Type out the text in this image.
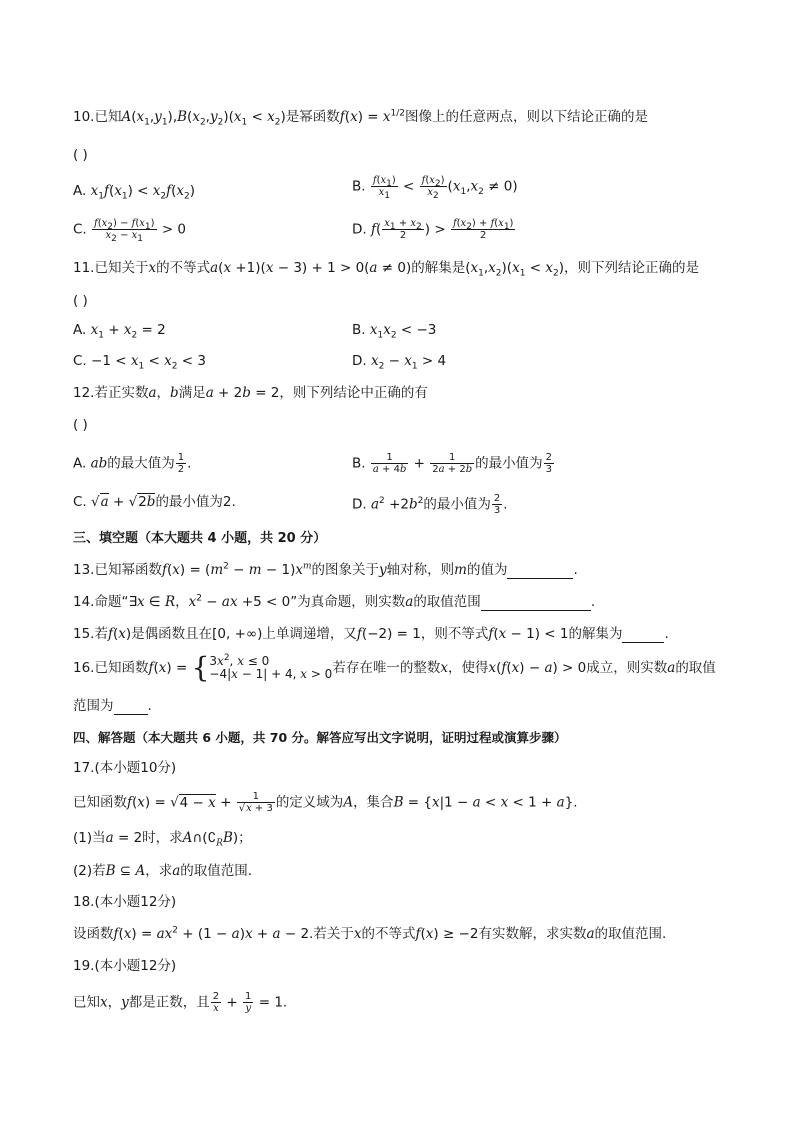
10.已知$A(x_1,y_1),B(x_2,y_2)(x_1 < x_2)$是幂函数$f(x) = x^{1/2}$图像上的任意两点，则以下结论正确的是
( )
A. $x_1f(x_1) < x_2f(x_2)$	B. $\frac{f(x_1)}{x_1} < \frac{f(x_2)}{x_2} (x_1,x_2 \ne 0)$
C. $\frac{f(x_2) - f(x_1)}{x_2 - x_1} > 0$	D. $f( \frac{x_1 + x_2}{2}$ ) > $\frac{f(x_2) + f(x_1)}{2}$
11.已知关于x的不等式a(x +1)(x − 3) + 1 > 0(a ≠ 0)的解集是$(x_1,x_2)(x_1 < x_2)$，则下列结论正确的是
( )
A. $x_1 + x_2 = 2$	B. $x_1x_2 < -3$
C. $-1 < x_1 < x_2 < 3$	D. $x_2 - x_1 > 4$
12.若正实数a，b满足a + 2b = 2，则下列结论中正确的有
( )
A. ab的最大值为 $\frac{1}{2}$ .	B. $\frac{1}{a + 4b} + \frac{1}{2a + 2b}$ 的最小值为 $\frac{2}{3}$
C. √a + √2b的最小值为2.	D. $a^2 +2b^2$的最小值为 $\frac{2}{3}$ .
三、填空题（本大题共 4 小题，共 20 分）
13.已知幂函数$f(x) = (m^2 - m - 1)x^m$的图象关于y轴对称，则m的值为	.
14.命题“∃x ∈ R，$x^2$ − ax +5 < 0”为真命题，则实数a的取值范围	.
15.若f(x)是偶函数且在[0, +∞)上单调递增，又f(−2) = 1，则不等式f(x − 1) < 1的解集为	.
16.已知函数$f(x) = \{3x^2$, x ≤ 0
−4|x − 1| + 4, x > 0若存在唯一的整数x，使得x(f(x) − a) > 0成立，则实数a的取值
范围为	.
四、解答题（本大题共 6 小题，共 70 分。解答应写出文字说明，证明过程或演算步骤）
17.(本小题10分)
已知函数$f(x) = √4 - x + \frac{1}{√x + 3}$ 的定义域为A，集合B = {x|1 − a < x < 1 + a}.
(1)当a = 2时，求$A\cap(∁_RB)$；
(2)若B ⊆ A，求a的取值范围.
18.(本小题12分)
设函数$f(x) = ax^2 + (1 - a)x + a - 2$.若关于x的不等式f(x) ≥ −2有实数解，求实数a的取值范围.
19.(本小题12分)
已知x，y都是正数，且 $\frac{2}{x} + \frac{1}{y} = 1$.
